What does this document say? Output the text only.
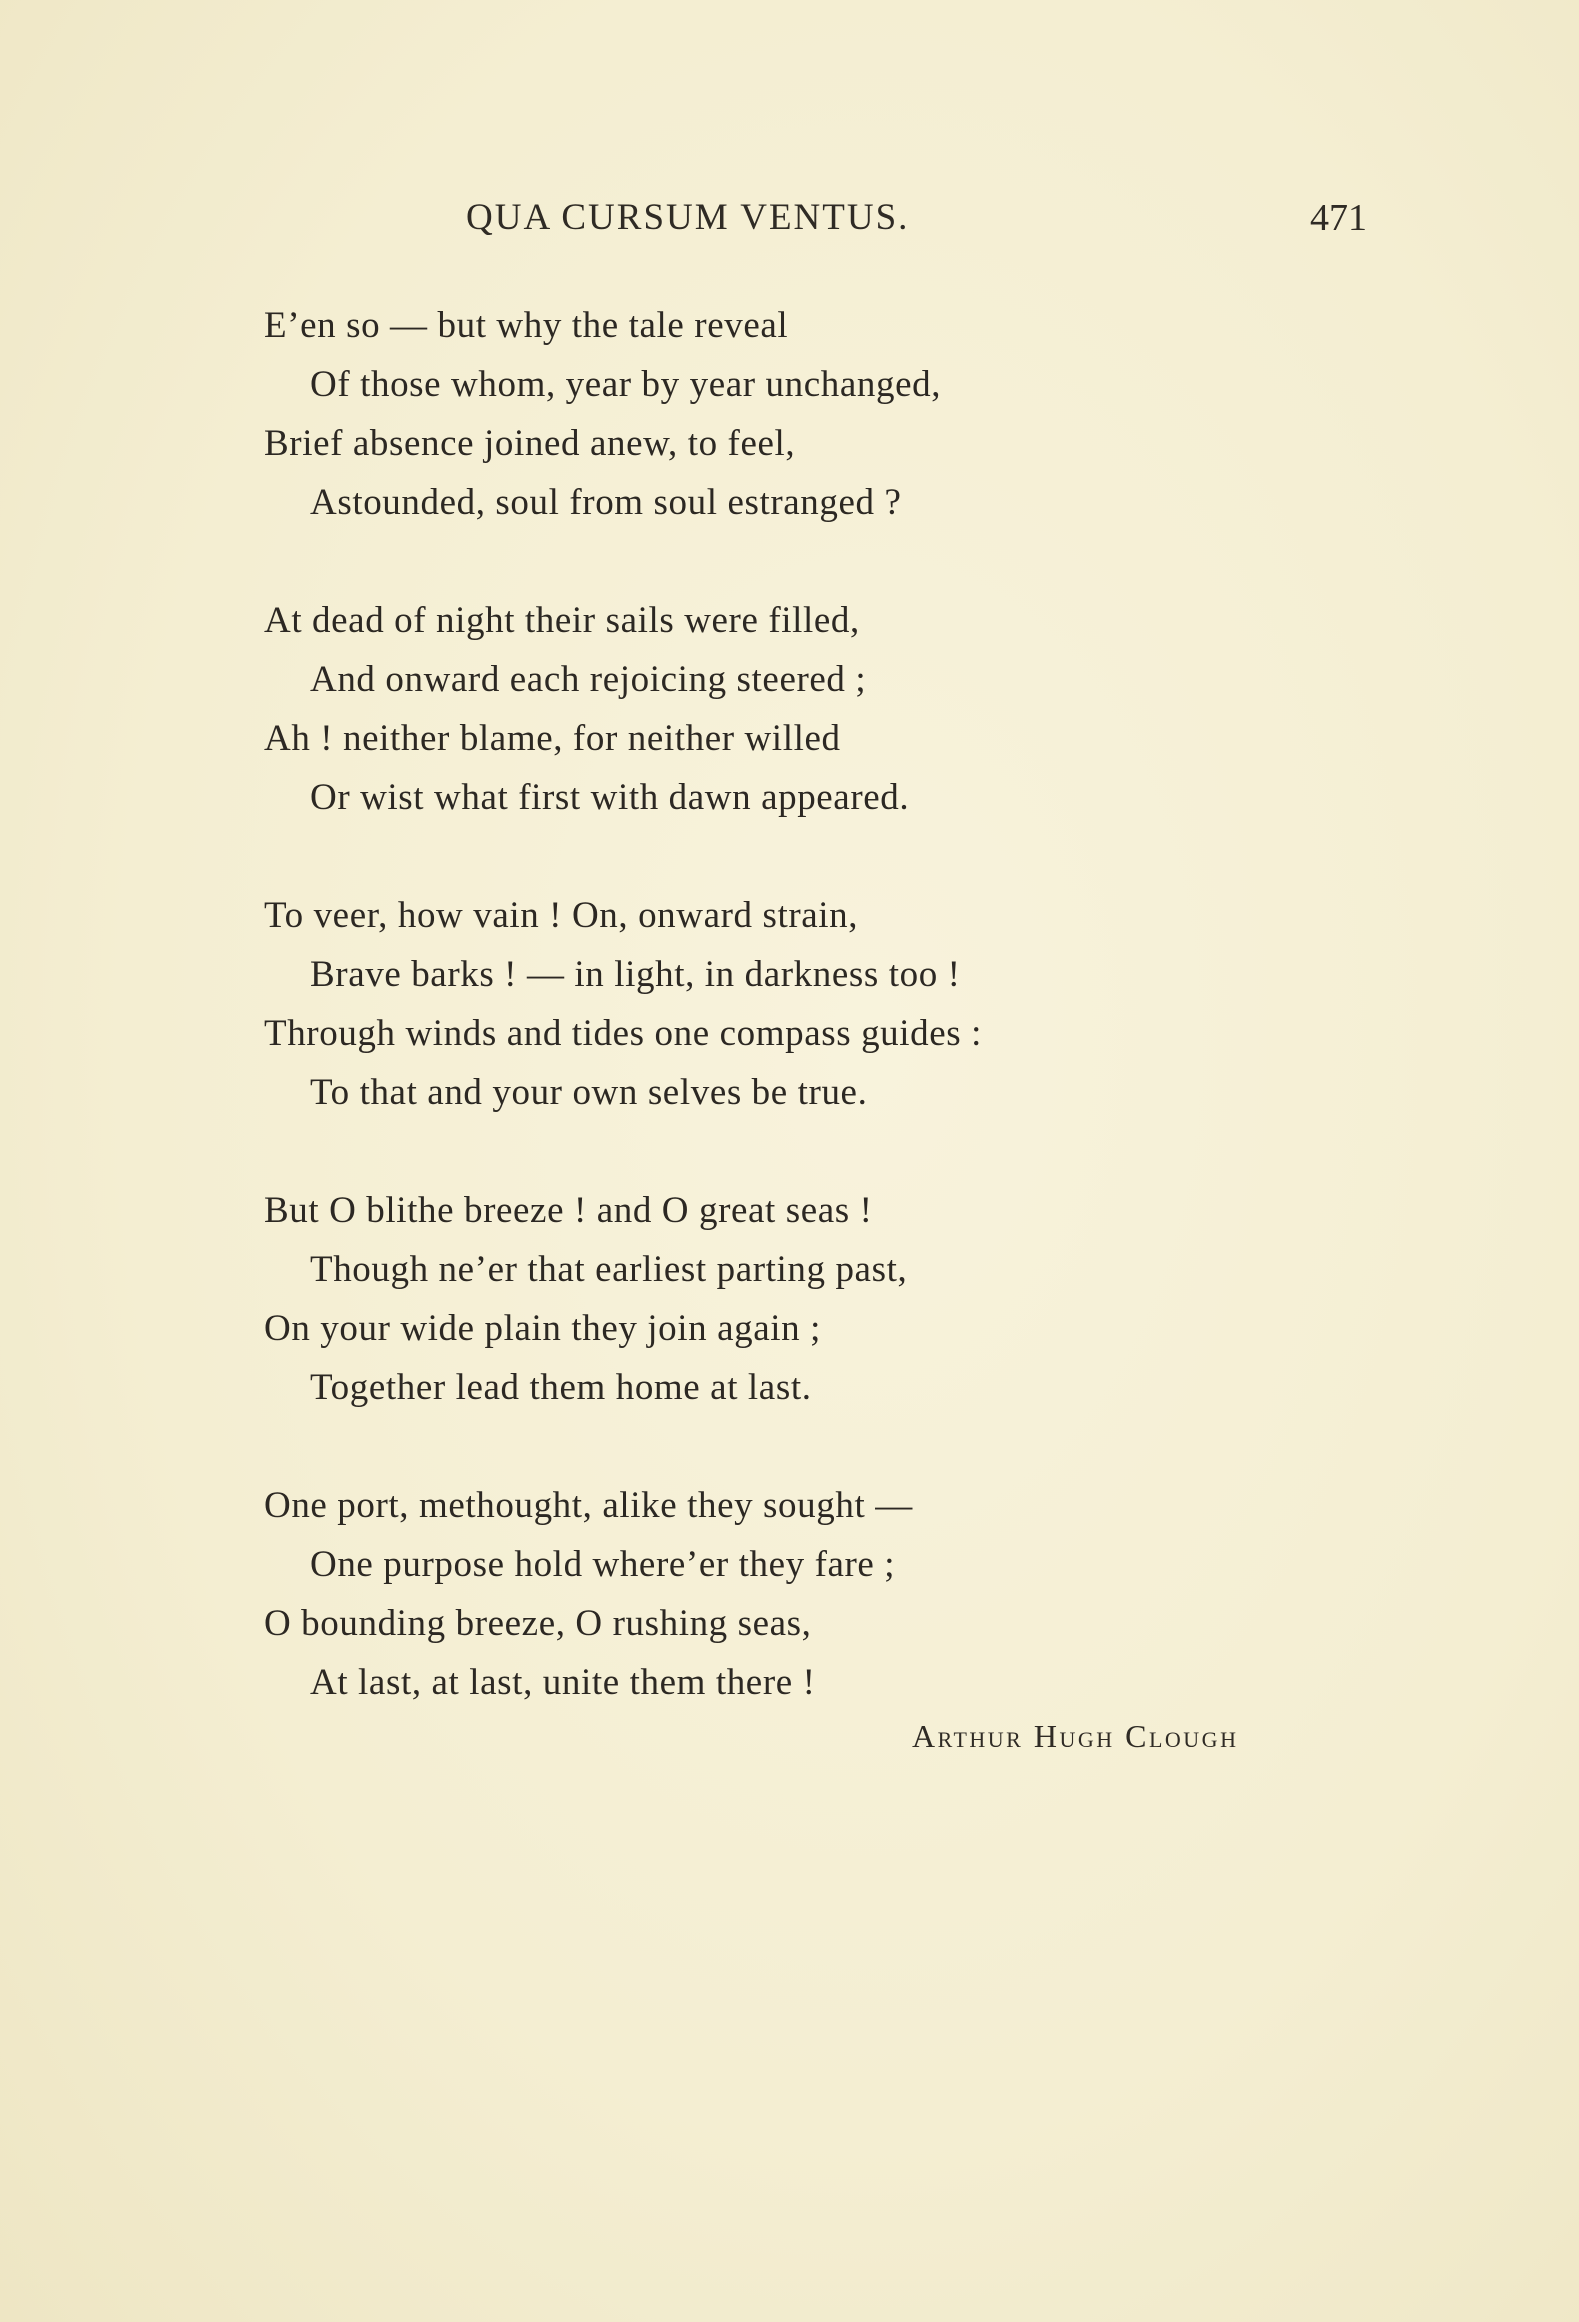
QUA CURSUM VENTUS.	471
E’en so — but why the tale reveal
Of those whom, year by year unchanged,
Brief absence joined anew, to feel,
Astounded, soul from soul estranged ?
At dead of night their sails were filled,
And onward each rejoicing steered ;
Ah ! neither blame, for neither willed
Or wist what first with dawn appeared.
To veer, how vain ! On, onward strain,
Brave barks ! — in light, in darkness too !
Through winds and tides one compass guides :
To that and your own selves be true.
But O blithe breeze ! and O great seas !
Though ne’er that earliest parting past,
On your wide plain they join again ;
Together lead them home at last.
One port, methought, alike they sought —
One purpose hold where’er they fare ;
O bounding breeze, O rushing seas,
At last, at last, unite them there !
Arthur Hugh Clough
